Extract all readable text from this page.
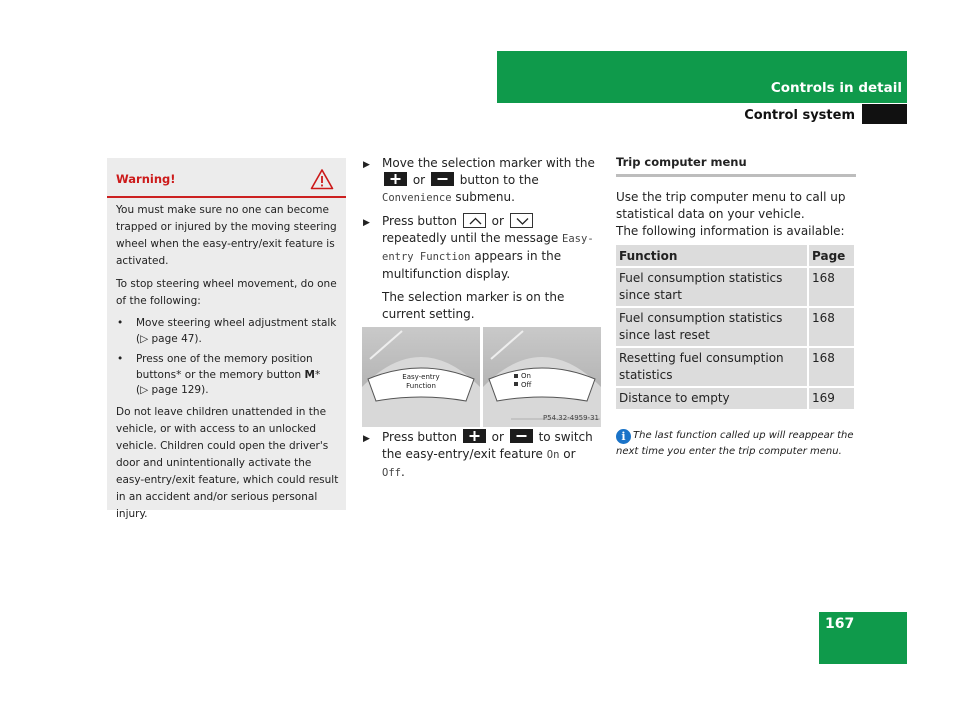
Controls in detail
Control system
Warning!

You must make sure no one can become trapped or injured by the moving steering wheel when the easy-entry/exit feature is activated.

To stop steering wheel movement, do one of the following:

• Move steering wheel adjustment stalk
(▷ page 47).
• Press one of the memory position buttons* or the memory button M*
(▷ page 129).

Do not leave children unattended in the vehicle, or with access to an unlocked vehicle. Children could open the driver's door and unintentionally activate the easy-entry/exit feature, which could result in an accident and/or serious personal injury.

▶ Move the selection marker with the
or	button to the Convenience submenu.
▶ Press button	or
repeatedly until the message Easy-entry Function appears in the multifunction display.
The selection marker is on the current setting.
Easy-entry
Function
On
Off
P54.32-4959-31
▶ Press button	or	to switch the easy-entry/exit feature On or Off.
Trip computer menu
Use the trip computer menu to call up statistical data on your vehicle.
The following information is available:
Function	Page
Fuel consumption statistics since start	168
Fuel consumption statistics since last reset	168
Resetting fuel consumption statistics	168
Distance to empty	169
i The last function called up will reappear the next time you enter the trip computer menu.
167
